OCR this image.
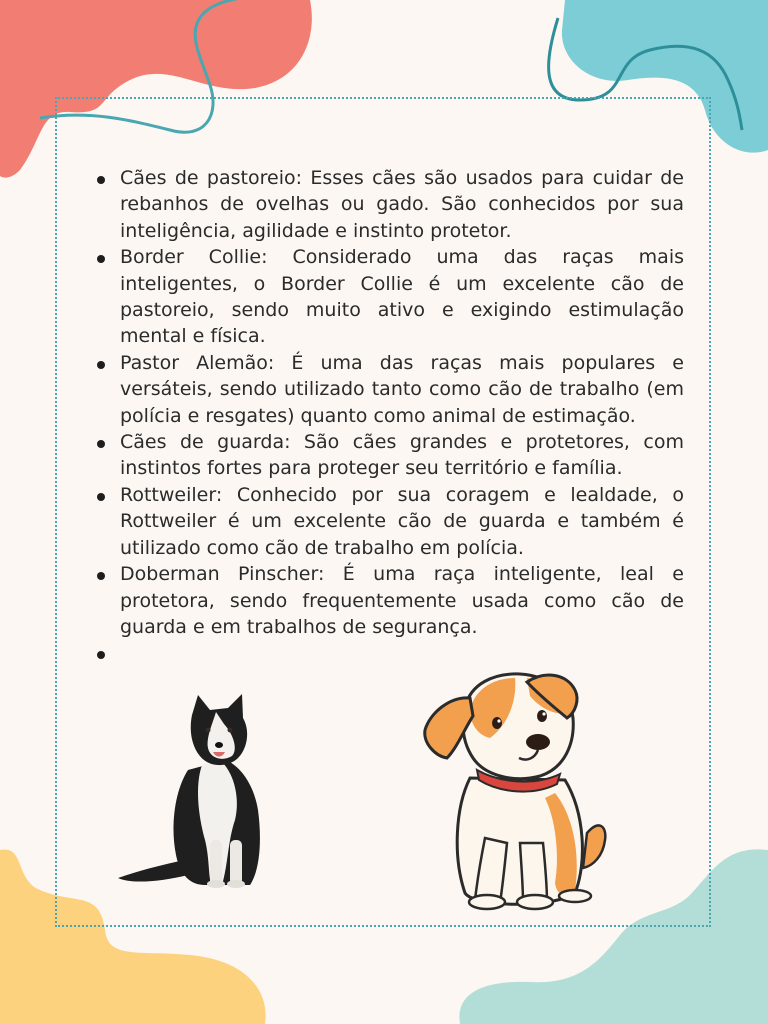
Cães de pastoreio: Esses cães são usados para cuidar de rebanhos de ovelhas ou gado. São conhecidos por sua inteligência, agilidade e instinto protetor.
Border Collie: Considerado uma das raças mais inteligentes, o Border Collie é um excelente cão de pastoreio, sendo muito ativo e exigindo estimulação mental e física.
Pastor Alemão: É uma das raças mais populares e versáteis, sendo utilizado tanto como cão de trabalho (em polícia e resgates) quanto como animal de estimação.
Cães de guarda: São cães grandes e protetores, com instintos fortes para proteger seu território e família.
Rottweiler: Conhecido por sua coragem e lealdade, o Rottweiler é um excelente cão de guarda e também é utilizado como cão de trabalho em polícia.
Doberman Pinscher: É uma raça inteligente, leal e protetora, sendo frequentemente usada como cão de guarda e em trabalhos de segurança.
